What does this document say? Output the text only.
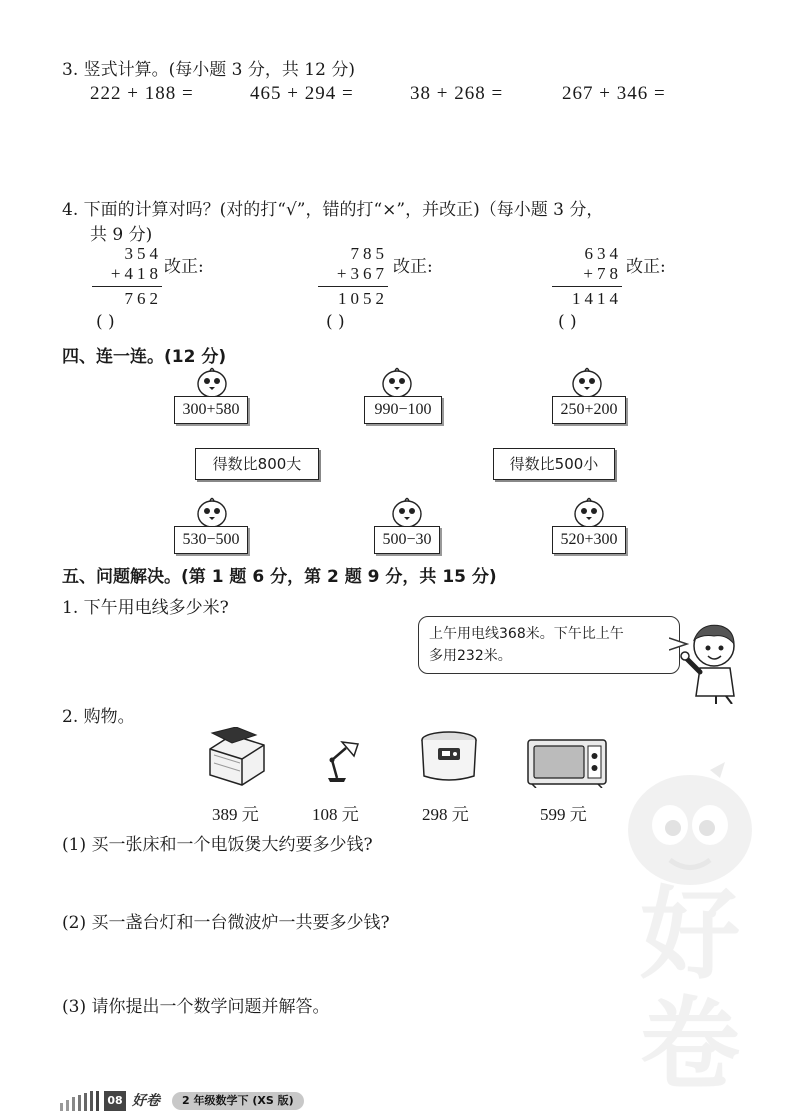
好
卷
3. 竖式计算。(每小题 3 分，共 12 分)
222 + 188 =	465 + 294 =	38 + 268 =	267 + 346 =
4. 下面的计算对吗？(对的打“√”，错的打“×”，并改正)（每小题 3 分，
共 9 分)
354
+418
762
改正:
( )
785
+367
1052
改正:
( )
634
+78
1414
改正:
( )
四、连一连。(12 分)
300+580	990−100	250+200
得数比800大	得数比500小
530−500	500−30	520+300
五、问题解决。(第 1 题 6 分，第 2 题 9 分，共 15 分)
1. 下午用电线多少米?
上午用电线368米。下午比上午
多用232米。
2. 购物。
389 元	108 元	298 元	599 元
(1) 买一张床和一个电饭煲大约要多少钱?
(2) 买一盏台灯和一台微波炉一共要多少钱?
(3) 请你提出一个数学问题并解答。
08 好卷	2 年级数学下 (XS 版)
